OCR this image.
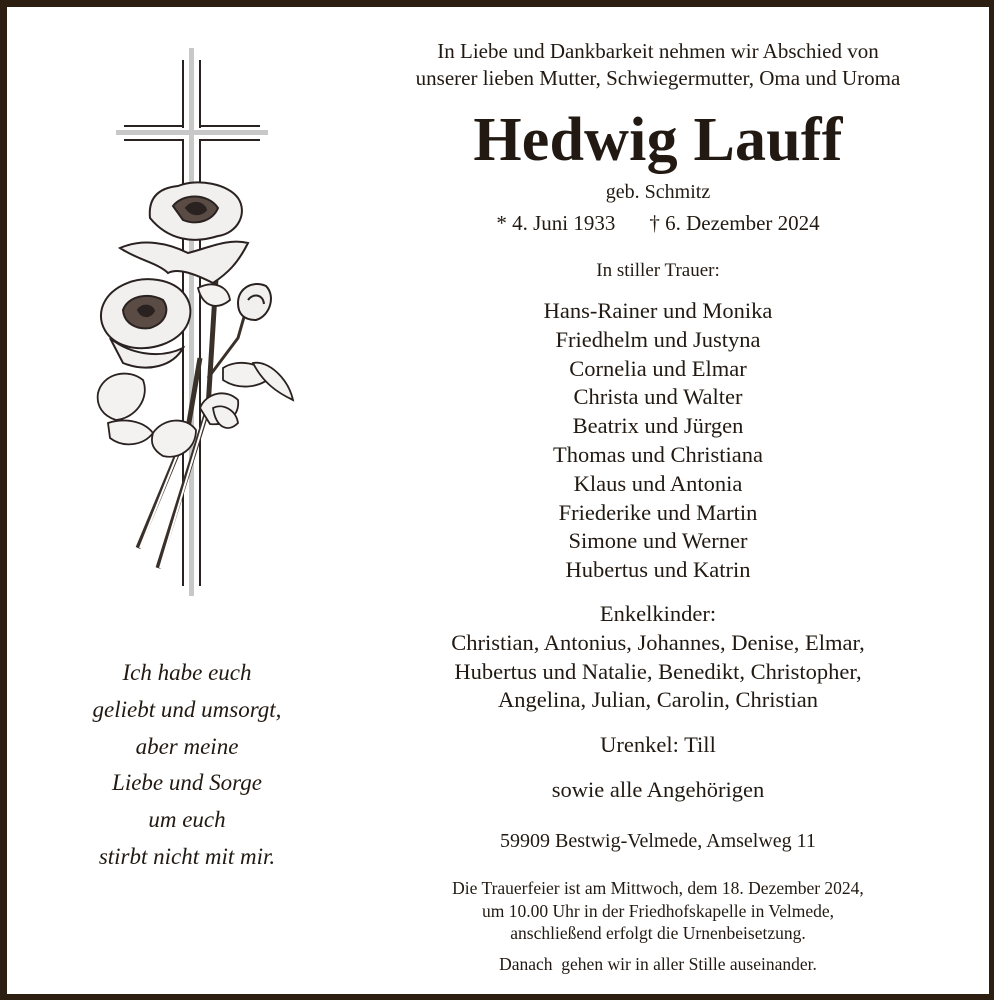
Ich habe euch
geliebt und umsorgt,
aber meine
Liebe und Sorge
um euch
stirbt nicht mit mir.
In Liebe und Dankbarkeit nehmen wir Abschied von
unserer lieben Mutter, Schwiegermutter, Oma und Uroma
Hedwig Lauff
geb. Schmitz
* 4. Juni 1933 † 6. Dezember 2024
In stiller Trauer:
Hans-Rainer und Monika
Friedhelm und Justyna
Cornelia und Elmar
Christa und Walter
Beatrix und Jürgen
Thomas und Christiana
Klaus und Antonia
Friederike und Martin
Simone und Werner
Hubertus und Katrin
Enkelkinder:
Christian, Antonius, Johannes, Denise, Elmar,
Hubertus und Natalie, Benedikt, Christopher,
Angelina, Julian, Carolin, Christian
Urenkel: Till
sowie alle Angehörigen
59909 Bestwig-Velmede, Amselweg 11
Die Trauerfeier ist am Mittwoch, dem 18. Dezember 2024,
um 10.00 Uhr in der Friedhofskapelle in Velmede,
anschließend erfolgt die Urnenbeisetzung.
Danach  gehen wir in aller Stille auseinander.
